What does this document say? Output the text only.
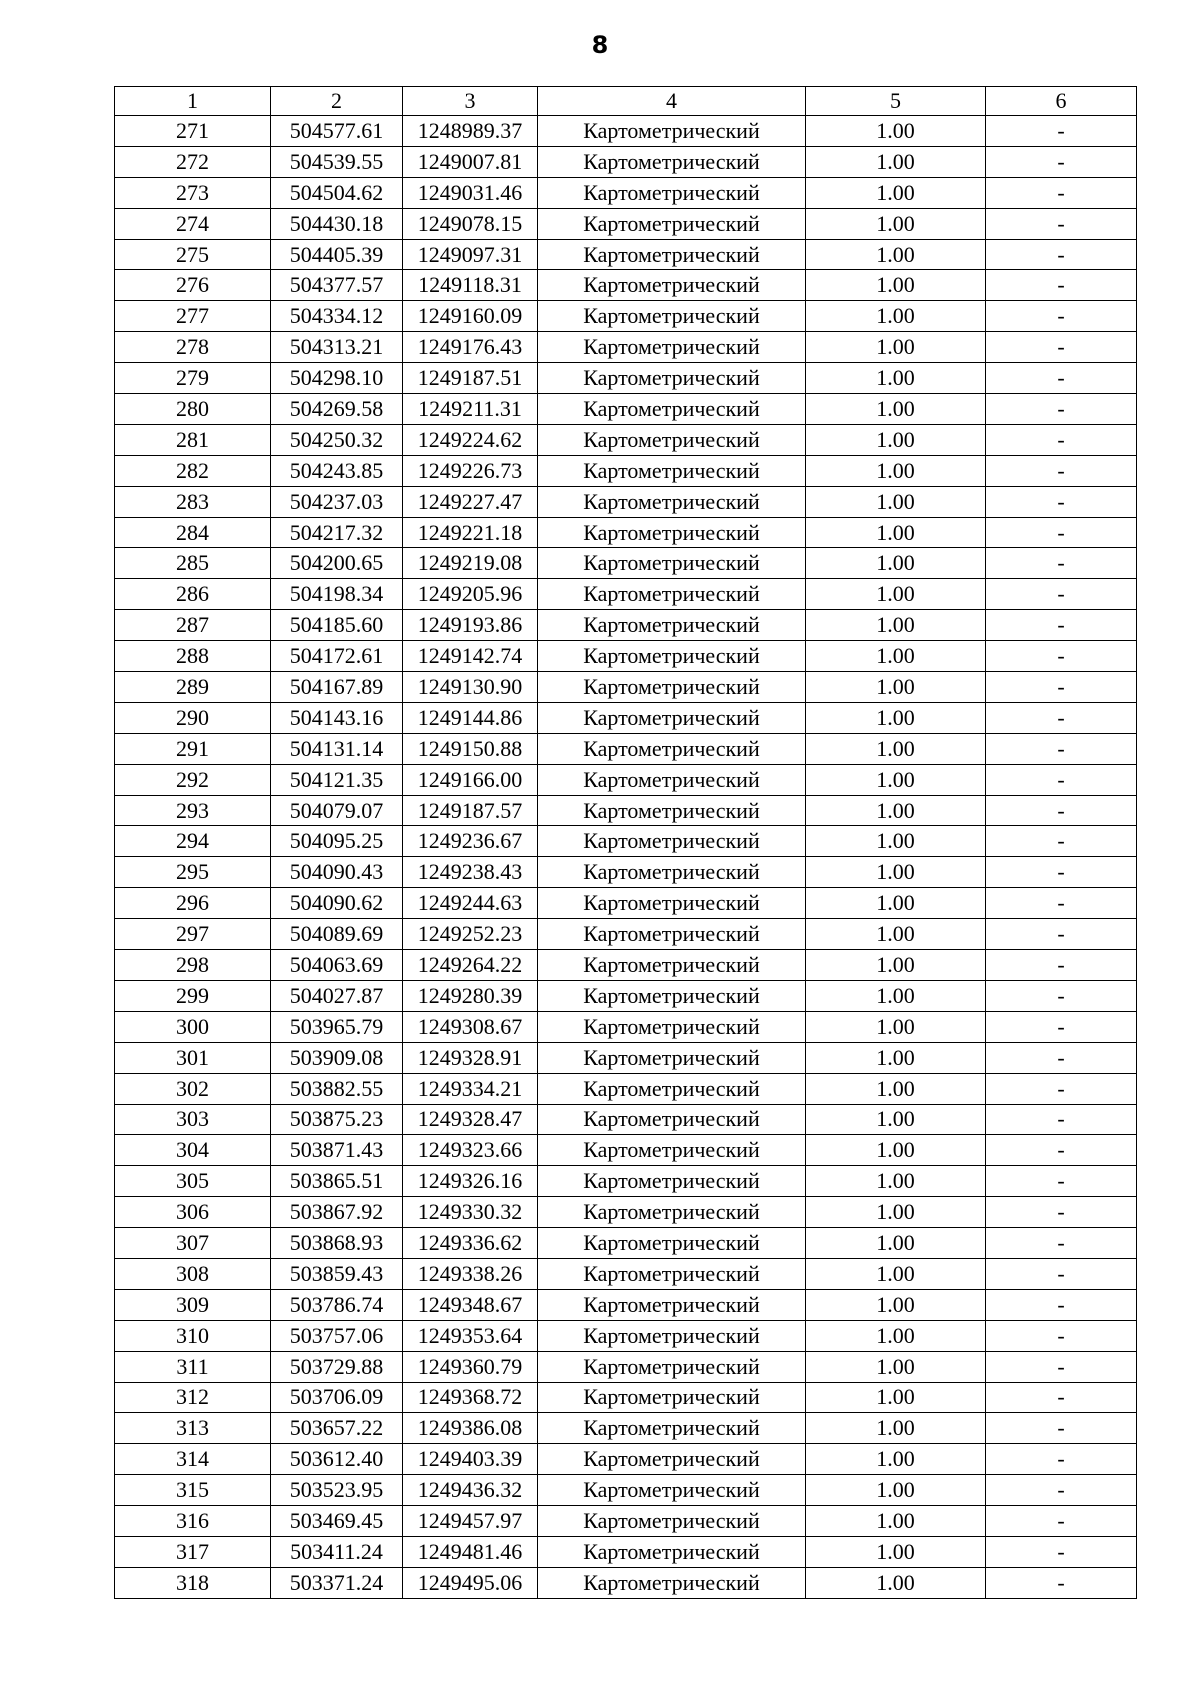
8
1	2	3	4	5	6
271	504577.61	1248989.37	Картометрический	1.00	-
272	504539.55	1249007.81	Картометрический	1.00	-
273	504504.62	1249031.46	Картометрический	1.00	-
274	504430.18	1249078.15	Картометрический	1.00	-
275	504405.39	1249097.31	Картометрический	1.00	-
276	504377.57	1249118.31	Картометрический	1.00	-
277	504334.12	1249160.09	Картометрический	1.00	-
278	504313.21	1249176.43	Картометрический	1.00	-
279	504298.10	1249187.51	Картометрический	1.00	-
280	504269.58	1249211.31	Картометрический	1.00	-
281	504250.32	1249224.62	Картометрический	1.00	-
282	504243.85	1249226.73	Картометрический	1.00	-
283	504237.03	1249227.47	Картометрический	1.00	-
284	504217.32	1249221.18	Картометрический	1.00	-
285	504200.65	1249219.08	Картометрический	1.00	-
286	504198.34	1249205.96	Картометрический	1.00	-
287	504185.60	1249193.86	Картометрический	1.00	-
288	504172.61	1249142.74	Картометрический	1.00	-
289	504167.89	1249130.90	Картометрический	1.00	-
290	504143.16	1249144.86	Картометрический	1.00	-
291	504131.14	1249150.88	Картометрический	1.00	-
292	504121.35	1249166.00	Картометрический	1.00	-
293	504079.07	1249187.57	Картометрический	1.00	-
294	504095.25	1249236.67	Картометрический	1.00	-
295	504090.43	1249238.43	Картометрический	1.00	-
296	504090.62	1249244.63	Картометрический	1.00	-
297	504089.69	1249252.23	Картометрический	1.00	-
298	504063.69	1249264.22	Картометрический	1.00	-
299	504027.87	1249280.39	Картометрический	1.00	-
300	503965.79	1249308.67	Картометрический	1.00	-
301	503909.08	1249328.91	Картометрический	1.00	-
302	503882.55	1249334.21	Картометрический	1.00	-
303	503875.23	1249328.47	Картометрический	1.00	-
304	503871.43	1249323.66	Картометрический	1.00	-
305	503865.51	1249326.16	Картометрический	1.00	-
306	503867.92	1249330.32	Картометрический	1.00	-
307	503868.93	1249336.62	Картометрический	1.00	-
308	503859.43	1249338.26	Картометрический	1.00	-
309	503786.74	1249348.67	Картометрический	1.00	-
310	503757.06	1249353.64	Картометрический	1.00	-
311	503729.88	1249360.79	Картометрический	1.00	-
312	503706.09	1249368.72	Картометрический	1.00	-
313	503657.22	1249386.08	Картометрический	1.00	-
314	503612.40	1249403.39	Картометрический	1.00	-
315	503523.95	1249436.32	Картометрический	1.00	-
316	503469.45	1249457.97	Картометрический	1.00	-
317	503411.24	1249481.46	Картометрический	1.00	-
318	503371.24	1249495.06	Картометрический	1.00	-
